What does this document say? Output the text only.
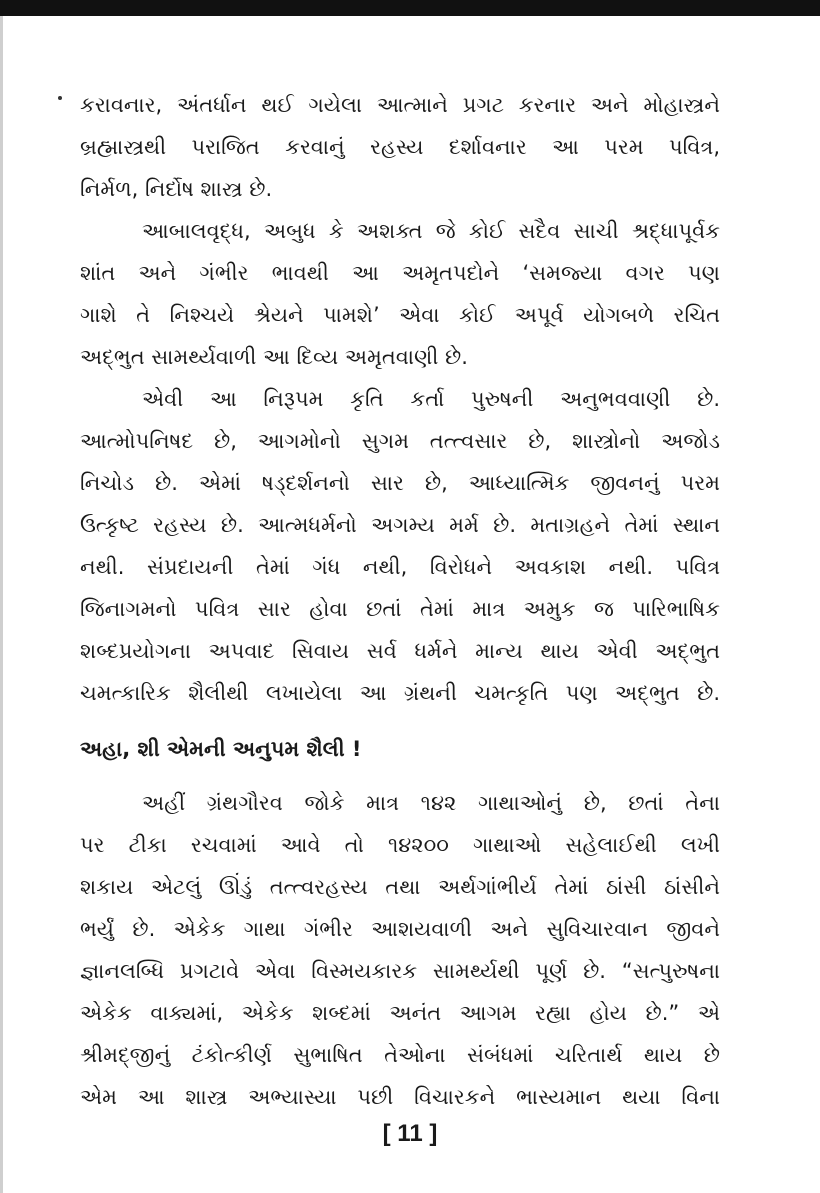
કરાવનાર, અંતર્ધાન થઈ ગયેલા આત્માને પ્રગટ કરનાર અને મોહાસ્ત્રને
બ્રહ્માસ્ત્રથી પરાજિત કરવાનું રહસ્ય દર્શાવનાર આ પરમ પવિત્ર,
નિર્મળ, નિર્દોષ શાસ્ત્ર છે.
આબાલવૃદ્ધ, અબુધ કે અશક્ત જે કોઈ સદૈવ સાચી શ્રદ્ધાપૂર્વક
શાંત અને ગંભીર ભાવથી આ અમૃતપદોને ‘સમજ્યા વગર પણ
ગાશે તે નિશ્ચયે શ્રેયને પામશે’ એવા કોઈ અપૂર્વ યોગબળે રચિત
અદ્ભુત સામર્થ્યવાળી આ દિવ્ય અમૃતવાણી છે.
એવી આ નિરૂપમ કૃતિ કર્તા પુરુષની અનુભવવાણી છે.
આત્મોપનિષદ છે, આગમોનો સુગમ તત્ત્વસાર છે, શાસ્ત્રોનો અજોડ
નિચોડ છે. એમાં ષડ્દર્શનનો સાર છે, આધ્યાત્મિક જીવનનું પરમ
ઉત્કૃષ્ટ રહસ્ય છે. આત્મધર્મનો અગમ્ય મર્મ છે. મતાગ્રહને તેમાં સ્થાન
નથી. સંપ્રદાયની તેમાં ગંધ નથી, વિરોધને અવકાશ નથી. પવિત્ર
જિનાગમનો પવિત્ર સાર હોવા છતાં તેમાં માત્ર અમુક જ પારિભાષિક
શબ્દપ્રયોગના અપવાદ સિવાય સર્વ ધર્મને માન્ય થાય એવી અદ્ભુત
ચમત્કારિક શૈલીથી લખાયેલા આ ગ્રંથની ચમત્કૃતિ પણ અદ્ભુત છે.
અહા, શી એમની અનુપમ શૈલી !
અહીં ગ્રંથગૌરવ જોકે માત્ર ૧૪૨ ગાથાઓનું છે, છતાં તેના
પર ટીકા રચવામાં આવે તો ૧૪૨૦૦ ગાથાઓ સહેલાઈથી લખી
શકાય એટલું ઊંડું તત્ત્વરહસ્ય તથા અર્થગાંભીર્ય તેમાં ઠાંસી ઠાંસીને
ભર્યું છે. એકેક ગાથા ગંભીર આશયવાળી અને સુવિચારવાન જીવને
જ્ઞાનલબ્ધિ પ્રગટાવે એવા વિસ્મયકારક સામર્થ્યથી પૂર્ણ છે. “સત્પુરુષના
એકેક વાક્યમાં, એકેક શબ્દમાં અનંત આગમ રહ્યા હોય છે.” એ
શ્રીમદ્જીનું ટંકોત્કીર્ણ સુભાષિત તેઓના સંબંધમાં ચરિતાર્થ થાય છે
એમ આ શાસ્ત્ર અભ્યાસ્યા પછી વિચારકને ભાસ્યમાન થયા વિના
[ 11 ]
